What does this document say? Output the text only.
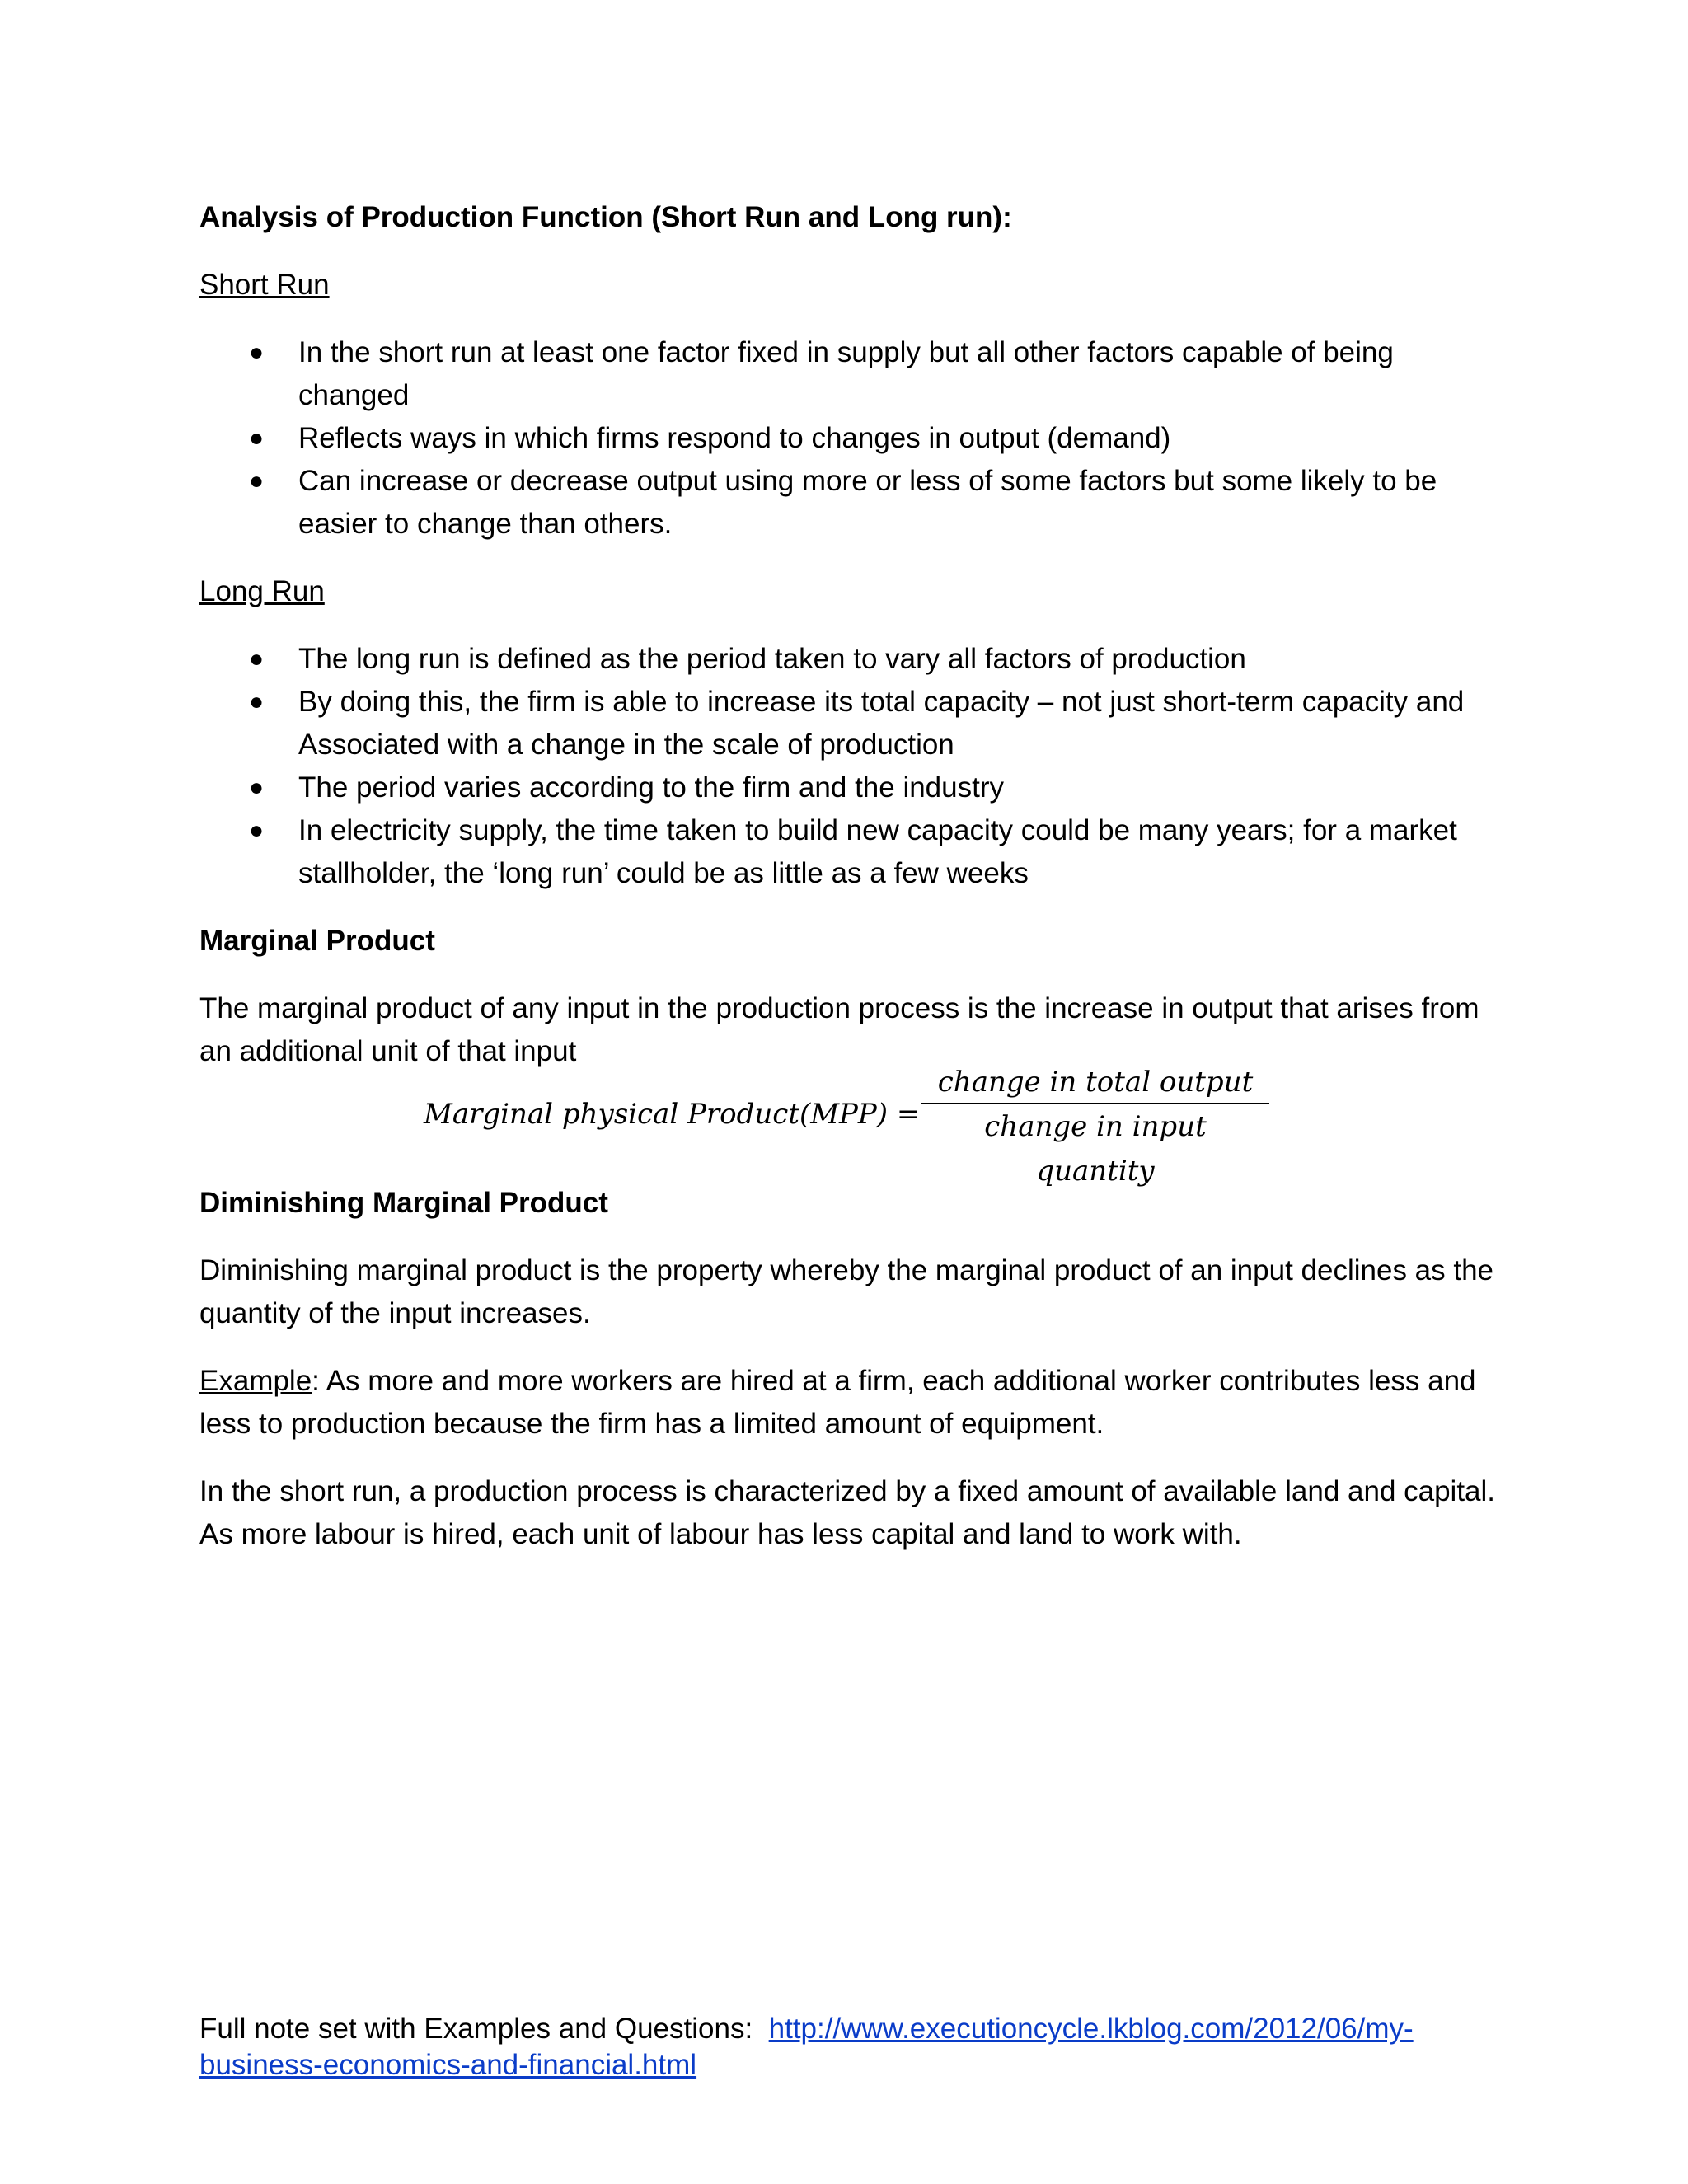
Analysis of Production Function (Short Run and Long run):
Short Run
● In the short run at least one factor fixed in supply but all other factors capable of being changed
● Reflects ways in which firms respond to changes in output (demand)
● Can increase or decrease output using more or less of some factors but some likely to be easier to change than others.
Long Run
● The long run is defined as the period taken to vary all factors of production
● By doing this, the firm is able to increase its total capacity – not just short-term capacity and Associated with a change in the scale of production
● The period varies according to the firm and the industry
● In electricity supply, the time taken to build new capacity could be many years; for a market stallholder, the ‘long run’ could be as little as a few weeks
Marginal Product

The marginal product of any input in the production process is the increase in output that arises from an additional unit of that input

Marginal physical Product(MPP) =
change in total output
change in input quantity
Diminishing Marginal Product

Diminishing marginal product is the property whereby the marginal product of an input declines as the quantity of the input increases.

Example: As more and more workers are hired at a firm, each additional worker contributes less and less to production because the firm has a limited amount of equipment.

In the short run, a production process is characterized by a fixed amount of available land and capital. As more labour is hired, each unit of labour has less capital and land to work with.

Full note set with Examples and Questions: http://www.executioncycle.lkblog.com/2012/06/my-business-economics-and-financial.html
